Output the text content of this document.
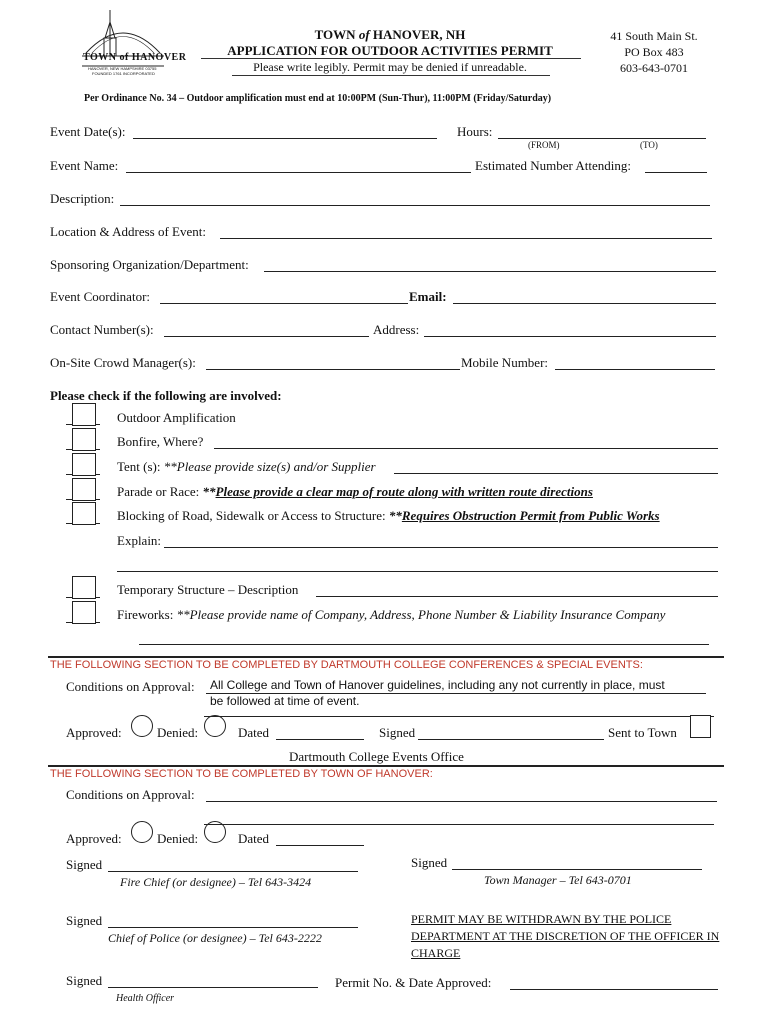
TOWN of HANOVER
HANOVER, NEW HAMPSHIRE 03755
FOUNDED 1761 INCORPORATED
TOWN of HANOVER, NH
APPLICATION FOR OUTDOOR ACTIVITIES PERMIT
Please write legibly. Permit may be denied if unreadable.
41 South Main St.
PO Box 483
603-643-0701
Per Ordinance No. 34 – Outdoor amplification must end at 10:00PM (Sun-Thur), 11:00PM (Friday/Saturday)
Event Date(s):	Hours:
(FROM)	(TO)
Event Name:	Estimated Number Attending:
Description:
Location & Address of Event:
Sponsoring Organization/Department:
Event Coordinator:	Email:
Contact Number(s):	Address:
On-Site Crowd Manager(s):	Mobile Number:
Please check if the following are involved:
Outdoor Amplification
Bonfire, Where?
Tent (s): **Please provide size(s) and/or Supplier
Parade or Race: **Please provide a clear map of route along with written route directions
Blocking of Road, Sidewalk or Access to Structure: **Requires Obstruction Permit from Public Works
Explain:
Temporary Structure – Description
Fireworks: **Please provide name of Company, Address, Phone Number & Liability Insurance Company
THE FOLLOWING SECTION TO BE COMPLETED BY DARTMOUTH COLLEGE CONFERENCES & SPECIAL EVENTS:
Conditions on Approval: All College and Town of Hanover guidelines, including any not currently in place, must
be followed at time of event.
Approved:	Denied:	Dated	Signed	Sent to Town
Dartmouth College Events Office
THE FOLLOWING SECTION TO BE COMPLETED BY TOWN OF HANOVER:
Conditions on Approval:
Approved:	Denied:	Dated
Signed
Fire Chief (or designee) – Tel 643-3424
Signed
Town Manager – Tel 643-0701
Signed
Chief of Police (or designee) – Tel 643-2222
PERMIT MAY BE WITHDRAWN BY THE POLICE
DEPARTMENT AT THE DISCRETION OF THE OFFICER IN
CHARGE
Signed
Health Officer
Permit No. & Date Approved:
